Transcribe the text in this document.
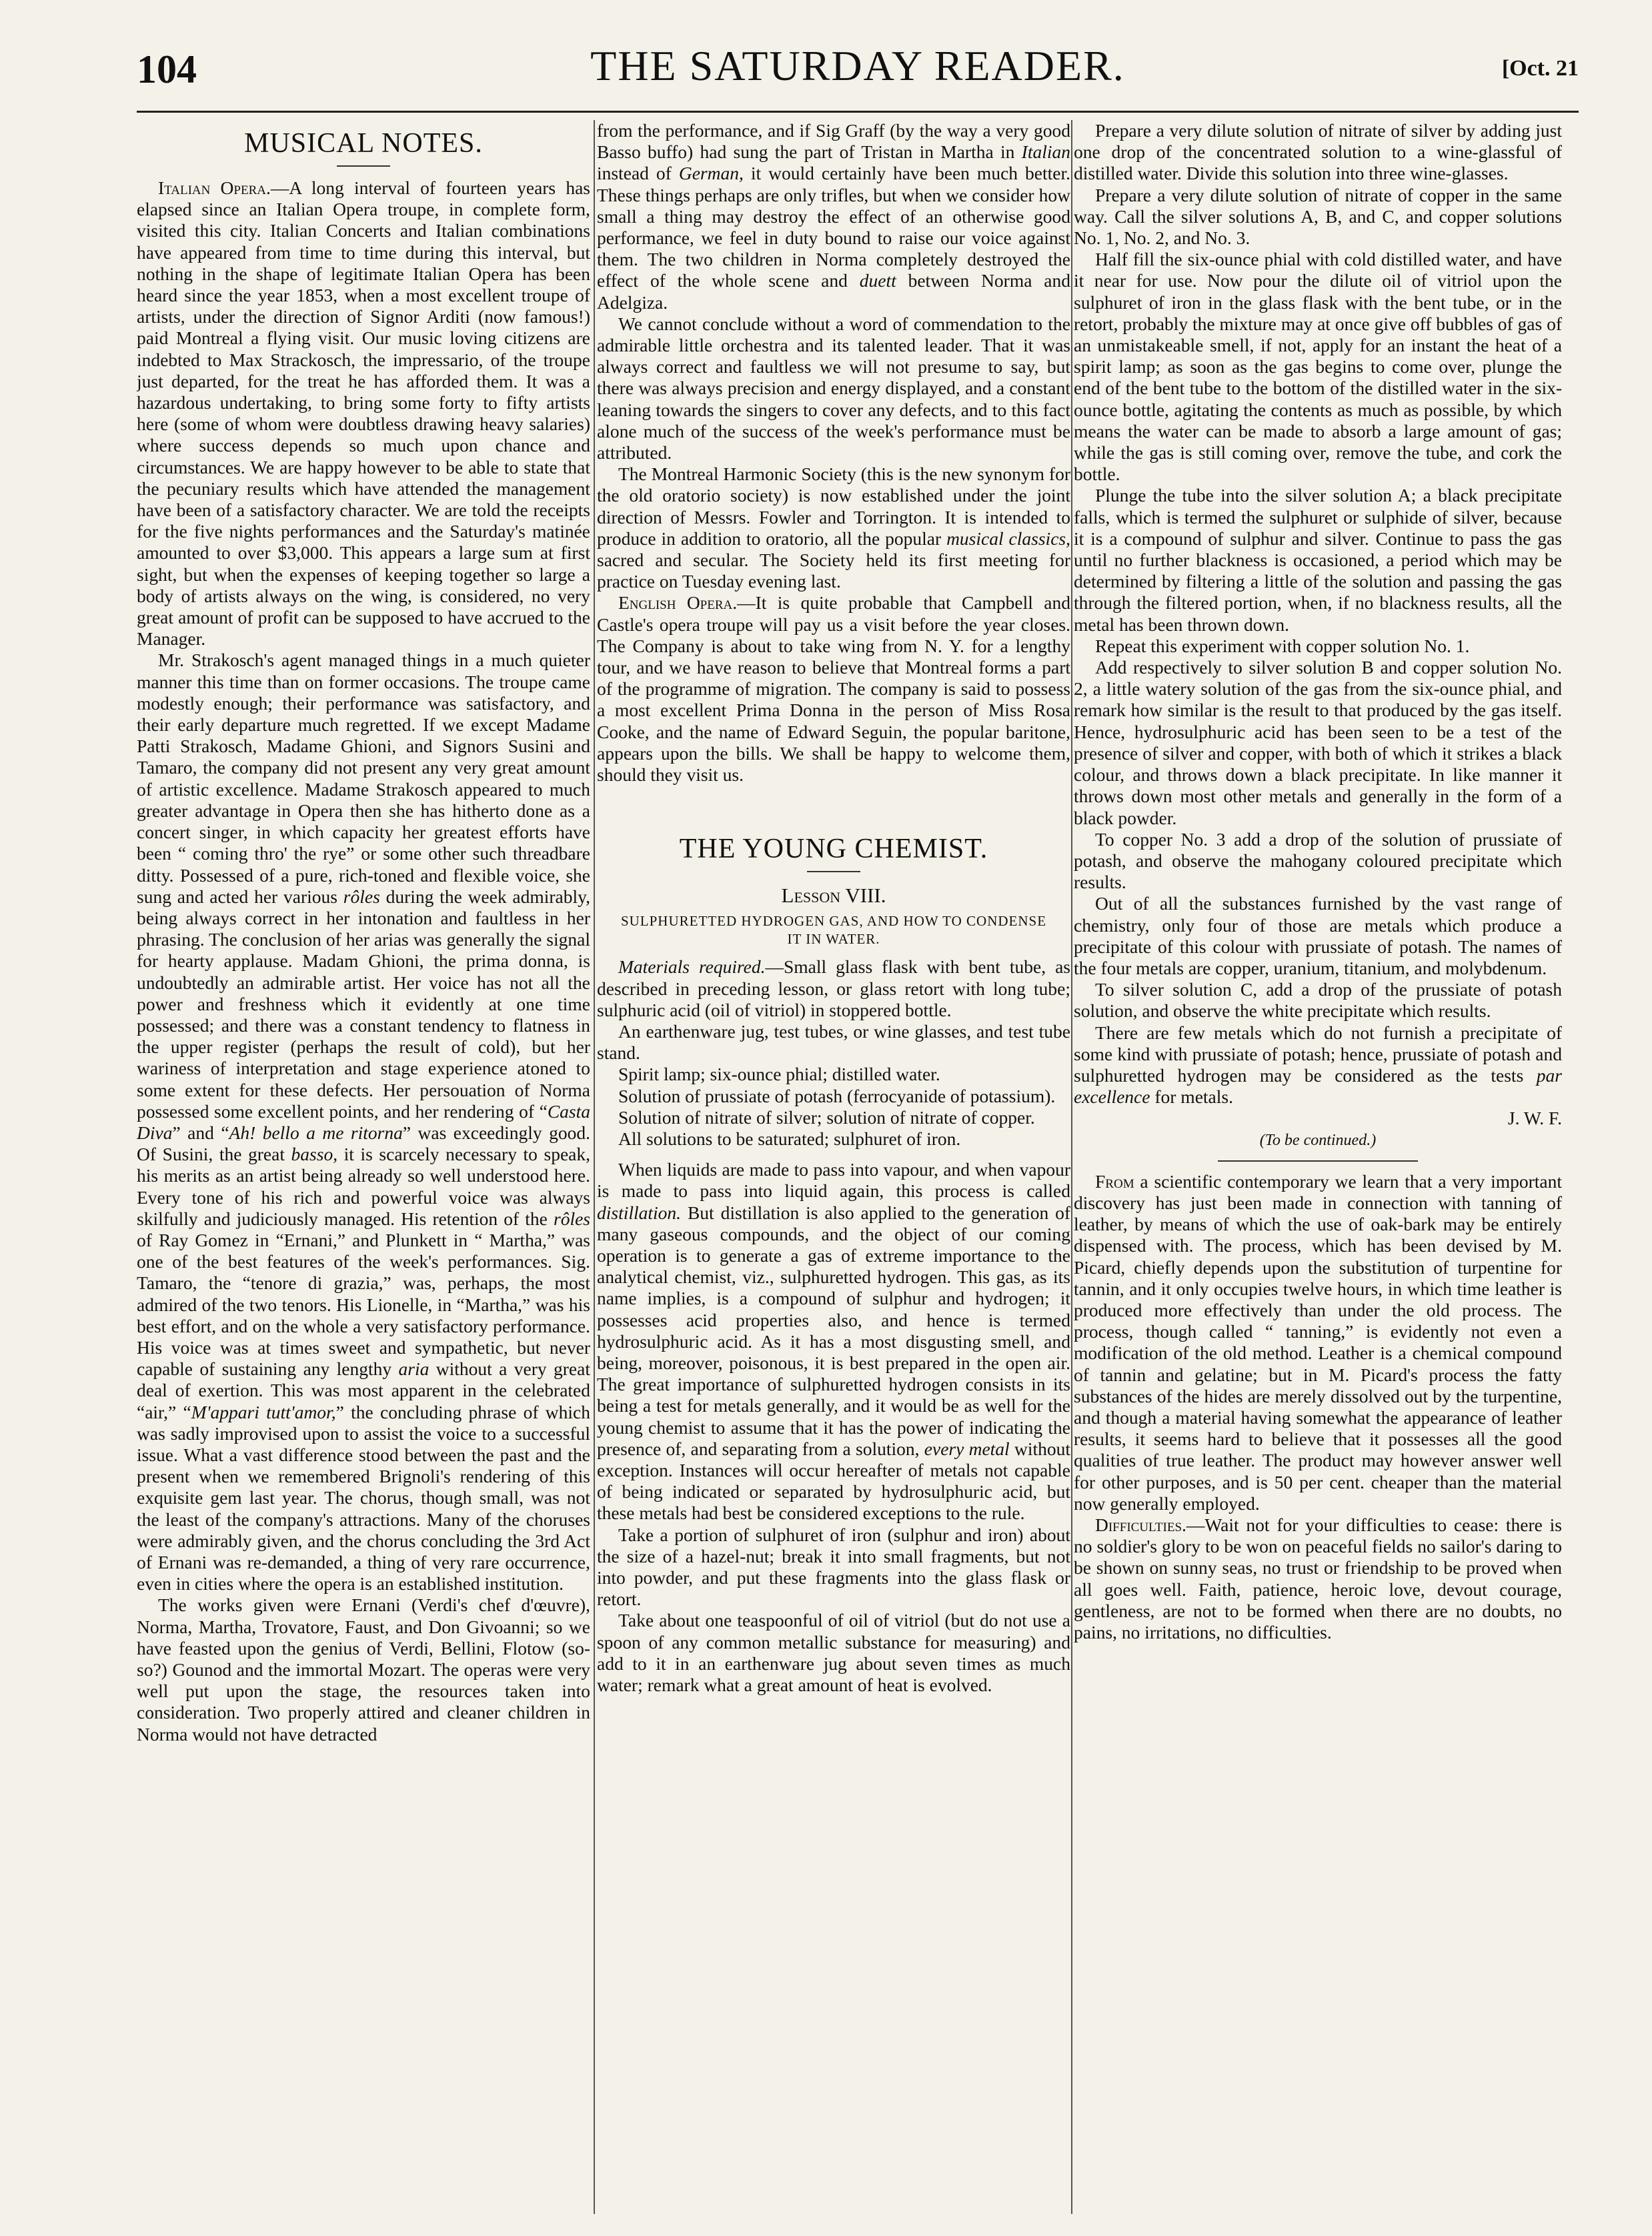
104	THE SATURDAY READER.	[Oct. 21
MUSICAL NOTES.

Italian Opera.—A long interval of fourteen years has elapsed since an Italian Opera troupe, in complete form, visited this city. Italian Concerts and Italian combinations have appeared from time to time during this interval, but nothing in the shape of legitimate Italian Opera has been heard since the year 1853, when a most excellent troupe of artists, under the direction of Signor Arditi (now famous!) paid Montreal a flying visit. Our music loving citizens are indebted to Max Strackosch, the impressario, of the troupe just departed, for the treat he has afforded them. It was a hazardous undertaking, to bring some forty to fifty artists here (some of whom were doubtless drawing heavy salaries) where success depends so much upon chance and circumstances. We are happy however to be able to state that the pecuniary results which have attended the management have been of a satisfactory character. We are told the receipts for the five nights performances and the Saturday's matinée amounted to over $3,000. This appears a large sum at first sight, but when the expenses of keeping together so large a body of artists always on the wing, is considered, no very great amount of profit can be supposed to have accrued to the Manager.

Mr. Strakosch's agent managed things in a much quieter manner this time than on former occasions. The troupe came modestly enough; their performance was satisfactory, and their early departure much regretted. If we except Madame Patti Strakosch, Madame Ghioni, and Signors Susini and Tamaro, the company did not present any very great amount of artistic excellence. Madame Strakosch appeared to much greater advantage in Opera then she has hitherto done as a concert singer, in which capacity her greatest efforts have been “ coming thro' the rye” or some other such threadbare ditty. Possessed of a pure, rich-toned and flexible voice, she sung and acted her various rôles during the week admirably, being always correct in her intonation and faultless in her phrasing. The conclusion of her arias was generally the signal for hearty applause. Madam Ghioni, the prima donna, is undoubtedly an admirable artist. Her voice has not all the power and freshness which it evidently at one time possessed; and there was a constant tendency to flatness in the upper register (perhaps the result of cold), but her wariness of interpretation and stage experience atoned to some extent for these defects. Her persouation of Norma possessed some excellent points, and her rendering of “Casta Diva” and “Ah! bello a me ritorna” was exceedingly good. Of Susini, the great basso, it is scarcely necessary to speak, his merits as an artist being already so well understood here. Every tone of his rich and powerful voice was always skilfully and judiciously managed. His retention of the rôles of Ray Gomez in “Ernani,” and Plunkett in “ Martha,” was one of the best features of the week's performances. Sig. Tamaro, the “tenore di grazia,” was, perhaps, the most admired of the two tenors. His Lionelle, in “Martha,” was his best effort, and on the whole a very satisfactory performance. His voice was at times sweet and sympathetic, but never capable of sustaining any lengthy aria without a very great deal of exertion. This was most apparent in the celebrated “air,” “M'appari tutt'amor,” the concluding phrase of which was sadly improvised upon to assist the voice to a successful issue. What a vast difference stood between the past and the present when we remembered Brignoli's rendering of this exquisite gem last year. The chorus, though small, was not the least of the company's attractions. Many of the choruses were admirably given, and the chorus concluding the 3rd Act of Ernani was re-demanded, a thing of very rare occurrence, even in cities where the opera is an established institution.

The works given were Ernani (Verdi's chef d'œuvre), Norma, Martha, Trovatore, Faust, and Don Givoanni; so we have feasted upon the genius of Verdi, Bellini, Flotow (so-so?) Gounod and the immortal Mozart. The operas were very well put upon the stage, the resources taken into consideration. Two properly attired and cleaner children in Norma would not have detracted

from the performance, and if Sig Graff (by the way a very good Basso buffo) had sung the part of Tristan in Martha in Italian instead of German, it would certainly have been much better. These things perhaps are only trifles, but when we consider how small a thing may destroy the effect of an otherwise good performance, we feel in duty bound to raise our voice against them. The two children in Norma completely destroyed the effect of the whole scene and duett between Norma and Adelgiza.

We cannot conclude without a word of commendation to the admirable little orchestra and its talented leader. That it was always correct and faultless we will not presume to say, but there was always precision and energy displayed, and a constant leaning towards the singers to cover any defects, and to this fact alone much of the success of the week's performance must be attributed.

The Montreal Harmonic Society (this is the new synonym for the old oratorio society) is now established under the joint direction of Messrs. Fowler and Torrington. It is intended to produce in addition to oratorio, all the popular musical classics, sacred and secular. The Society held its first meeting for practice on Tuesday evening last.

English Opera.—It is quite probable that Campbell and Castle's opera troupe will pay us a visit before the year closes. The Company is about to take wing from N. Y. for a lengthy tour, and we have reason to believe that Montreal forms a part of the programme of migration. The company is said to possess a most excellent Prima Donna in the person of Miss Rosa Cooke, and the name of Edward Seguin, the popular baritone, appears upon the bills. We shall be happy to welcome them, should they visit us.

THE YOUNG CHEMIST.
Lesson VIII.
SULPHURETTED HYDROGEN GAS, AND HOW TO CONDENSE IT IN WATER.

Materials required.—Small glass flask with bent tube, as described in preceding lesson, or glass retort with long tube; sulphuric acid (oil of vitriol) in stoppered bottle.

An earthenware jug, test tubes, or wine glasses, and test tube stand.

Spirit lamp; six-ounce phial; distilled water.

Solution of prussiate of potash (ferrocyanide of potassium).

Solution of nitrate of silver; solution of nitrate of copper.

All solutions to be saturated; sulphuret of iron.

When liquids are made to pass into vapour, and when vapour is made to pass into liquid again, this process is called distillation. But distillation is also applied to the generation of many gaseous compounds, and the object of our coming operation is to generate a gas of extreme importance to the analytical chemist, viz., sulphuretted hydrogen. This gas, as its name implies, is a compound of sulphur and hydrogen; it possesses acid properties also, and hence is termed hydrosulphuric acid. As it has a most disgusting smell, and being, moreover, poisonous, it is best prepared in the open air. The great importance of sulphuretted hydrogen consists in its being a test for metals generally, and it would be as well for the young chemist to assume that it has the power of indicating the presence of, and separating from a solution, every metal without exception. Instances will occur hereafter of metals not capable of being indicated or separated by hydrosulphuric acid, but these metals had best be considered exceptions to the rule.

Take a portion of sulphuret of iron (sulphur and iron) about the size of a hazel-nut; break it into small fragments, but not into powder, and put these fragments into the glass flask or retort.

Take about one teaspoonful of oil of vitriol (but do not use a spoon of any common metallic substance for measuring) and add to it in an earthenware jug about seven times as much water; remark what a great amount of heat is evolved.

Prepare a very dilute solution of nitrate of silver by adding just one drop of the concentrated solution to a wine-glassful of distilled water. Divide this solution into three wine-glasses.

Prepare a very dilute solution of nitrate of copper in the same way. Call the silver solutions A, B, and C, and copper solutions No. 1, No. 2, and No. 3.

Half fill the six-ounce phial with cold distilled water, and have it near for use. Now pour the dilute oil of vitriol upon the sulphuret of iron in the glass flask with the bent tube, or in the retort, probably the mixture may at once give off bubbles of gas of an unmistakeable smell, if not, apply for an instant the heat of a spirit lamp; as soon as the gas begins to come over, plunge the end of the bent tube to the bottom of the distilled water in the six-ounce bottle, agitating the contents as much as possible, by which means the water can be made to absorb a large amount of gas; while the gas is still coming over, remove the tube, and cork the bottle.

Plunge the tube into the silver solution A; a black precipitate falls, which is termed the sulphuret or sulphide of silver, because it is a compound of sulphur and silver. Continue to pass the gas until no further blackness is occasioned, a period which may be determined by filtering a little of the solution and passing the gas through the filtered portion, when, if no blackness results, all the metal has been thrown down.

Repeat this experiment with copper solution No. 1.

Add respectively to silver solution B and copper solution No. 2, a little watery solution of the gas from the six-ounce phial, and remark how similar is the result to that produced by the gas itself. Hence, hydrosulphuric acid has been seen to be a test of the presence of silver and copper, with both of which it strikes a black colour, and throws down a black precipitate. In like manner it throws down most other metals and generally in the form of a black powder.

To copper No. 3 add a drop of the solution of prussiate of potash, and observe the mahogany coloured precipitate which results.

Out of all the substances furnished by the vast range of chemistry, only four of those are metals which produce a precipitate of this colour with prussiate of potash. The names of the four metals are copper, uranium, titanium, and molybdenum.

To silver solution C, add a drop of the prussiate of potash solution, and observe the white precipitate which results.

There are few metals which do not furnish a precipitate of some kind with prussiate of potash; hence, prussiate of potash and sulphuretted hydrogen may be considered as the tests par excellence for metals.

J. W. F.
(To be continued.)

From a scientific contemporary we learn that a very important discovery has just been made in connection with tanning of leather, by means of which the use of oak-bark may be entirely dispensed with. The process, which has been devised by M. Picard, chiefly depends upon the substitution of turpentine for tannin, and it only occupies twelve hours, in which time leather is produced more effectively than under the old process. The process, though called “ tanning,” is evidently not even a modification of the old method. Leather is a chemical compound of tannin and gelatine; but in M. Picard's process the fatty substances of the hides are merely dissolved out by the turpentine, and though a material having somewhat the appearance of leather results, it seems hard to believe that it possesses all the good qualities of true leather. The product may however answer well for other purposes, and is 50 per cent. cheaper than the material now generally employed.

Difficulties.—Wait not for your difficulties to cease: there is no soldier's glory to be won on peaceful fields no sailor's daring to be shown on sunny seas, no trust or friendship to be proved when all goes well. Faith, patience, heroic love, devout courage, gentleness, are not to be formed when there are no doubts, no pains, no irritations, no difficulties.
